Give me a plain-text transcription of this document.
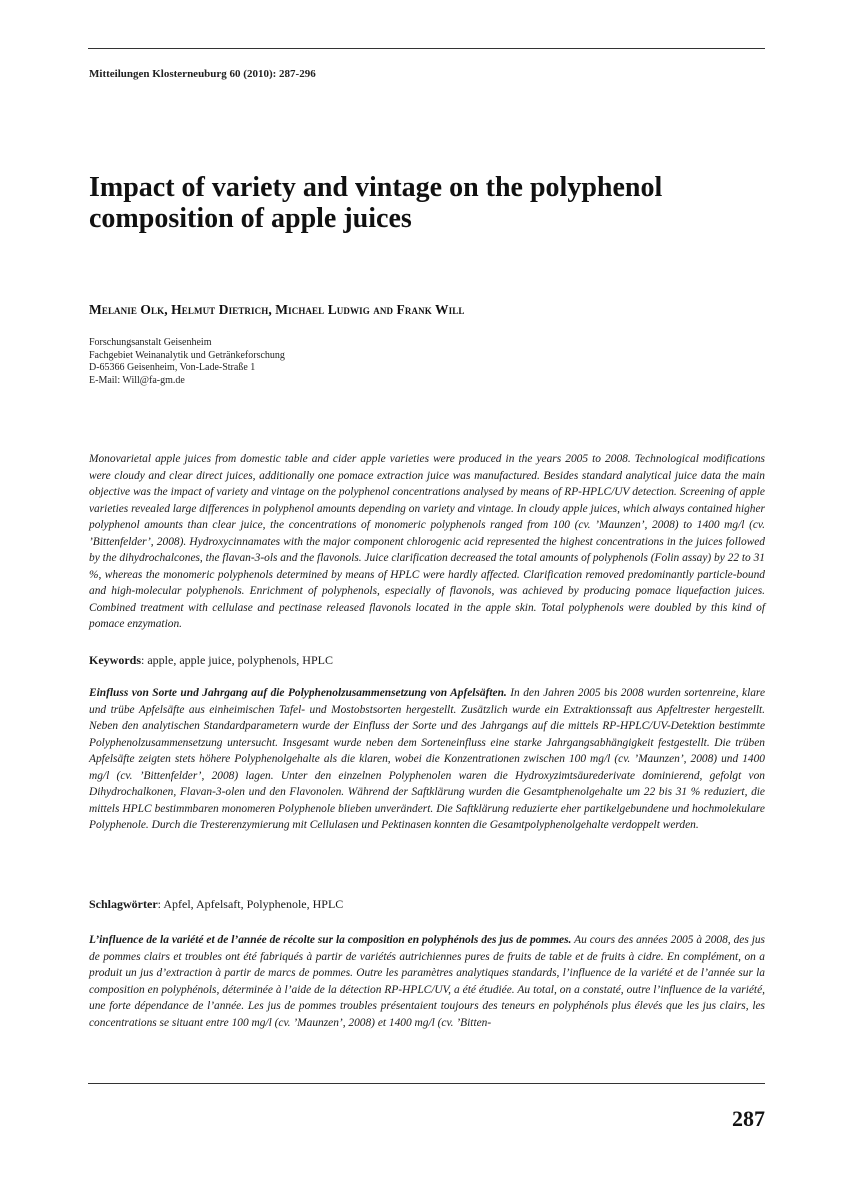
Mitteilungen Klosterneuburg 60 (2010): 287-296
Impact of variety and vintage on the polyphenol composition of apple juices
Melanie Olk, Helmut Dietrich, Michael Ludwig and Frank Will
Forschungsanstalt Geisenheim
Fachgebiet Weinanalytik und Getränkeforschung
D-65366 Geisenheim, Von-Lade-Straße 1
E-Mail: Will@fa-gm.de

Monovarietal apple juices from domestic table and cider apple varieties were produced in the years 2005 to 2008. Technological modifications were cloudy and clear direct juices, additionally one pomace extraction juice was manufactured. Besides standard analytical juice data the main objective was the impact of variety and vintage on the polyphenol concentrations analysed by means of RP-HPLC/UV detection. Screening of apple varieties revealed large differences in polyphenol amounts depending on variety and vintage. In cloudy apple juices, which always contained higher polyphenol amounts than clear juice, the concentrations of monomeric polyphenols ranged from 100 (cv. ’Maunzen’, 2008) to 1400 mg/l (cv. ’Bittenfelder’, 2008). Hydroxycinnamates with the major component chlorogenic acid represented the highest concentrations in the juices followed by the dihydrochalcones, the flavan-3-ols and the flavonols. Juice clarification decreased the total amounts of polyphenols (Folin assay) by 22 to 31 %, whereas the monomeric polyphenols determined by means of HPLC were hardly affected. Clarification removed predominantly particle-bound and high-molecular polyphenols. Enrichment of polyphenols, especially of flavonols, was achieved by producing pomace liquefaction juices. Combined treatment with cellulase and pectinase released flavonols located in the apple skin. Total polyphenols were doubled by this kind of pomace enzymation.

Keywords: apple, apple juice, polyphenols, HPLC

Einfluss von Sorte und Jahrgang auf die Polyphenolzusammensetzung von Apfelsäften. In den Jahren 2005 bis 2008 wurden sortenreine, klare und trübe Apfelsäfte aus einheimischen Tafel- und Mostobstsorten hergestellt. Zusätzlich wurde ein Extraktionssaft aus Apfeltrester hergestellt. Neben den analytischen Standardparametern wurde der Einfluss der Sorte und des Jahrgangs auf die mittels RP-HPLC/UV-Detektion bestimmte Polyphenolzusammensetzung untersucht. Insgesamt wurde neben dem Sorteneinfluss eine starke Jahrgangsabhängigkeit festgestellt. Die trüben Apfelsäfte zeigten stets höhere Polyphenolgehalte als die klaren, wobei die Konzentrationen zwischen 100 mg/l (cv. ’Maunzen’, 2008) und 1400 mg/l (cv. ’Bittenfelder’, 2008) lagen. Unter den einzelnen Polyphenolen waren die Hydroxyzimtsäurederivate dominierend, gefolgt von Dihydrochalkonen, Flavan-3-olen und den Flavonolen. Während der Saftklärung wurden die Gesamtphenolgehalte um 22 bis 31 % reduziert, die mittels HPLC bestimmbaren monomeren Polyphenole blieben unverändert. Die Saftklärung reduzierte eher partikelgebundene und hochmolekulare Polyphenole. Durch die Tresterenzymierung mit Cellulasen und Pektinasen konnten die Gesamtpolyphenolgehalte verdoppelt werden.

Schlagwörter: Apfel, Apfelsaft, Polyphenole, HPLC

L’influence de la variété et de l’année de récolte sur la composition en polyphénols des jus de pommes. Au cours des années 2005 à 2008, des jus de pommes clairs et troubles ont été fabriqués à partir de variétés autrichiennes pures de fruits de table et de fruits à cidre. En complément, on a produit un jus d’extraction à partir de marcs de pommes. Outre les paramètres analytiques standards, l’influence de la variété et de l’année sur la composition en polyphénols, déterminée à l’aide de la détection RP-HPLC/UV, a été étudiée. Au total, on a constaté, outre l’influence de la variété, une forte dépendance de l’année. Les jus de pommes troubles présentaient toujours des teneurs en polyphénols plus élevés que les jus clairs, les concentrations se situant entre 100 mg/l (cv. ’Maunzen’, 2008) et 1400 mg/l (cv. ’Bitten-

287
